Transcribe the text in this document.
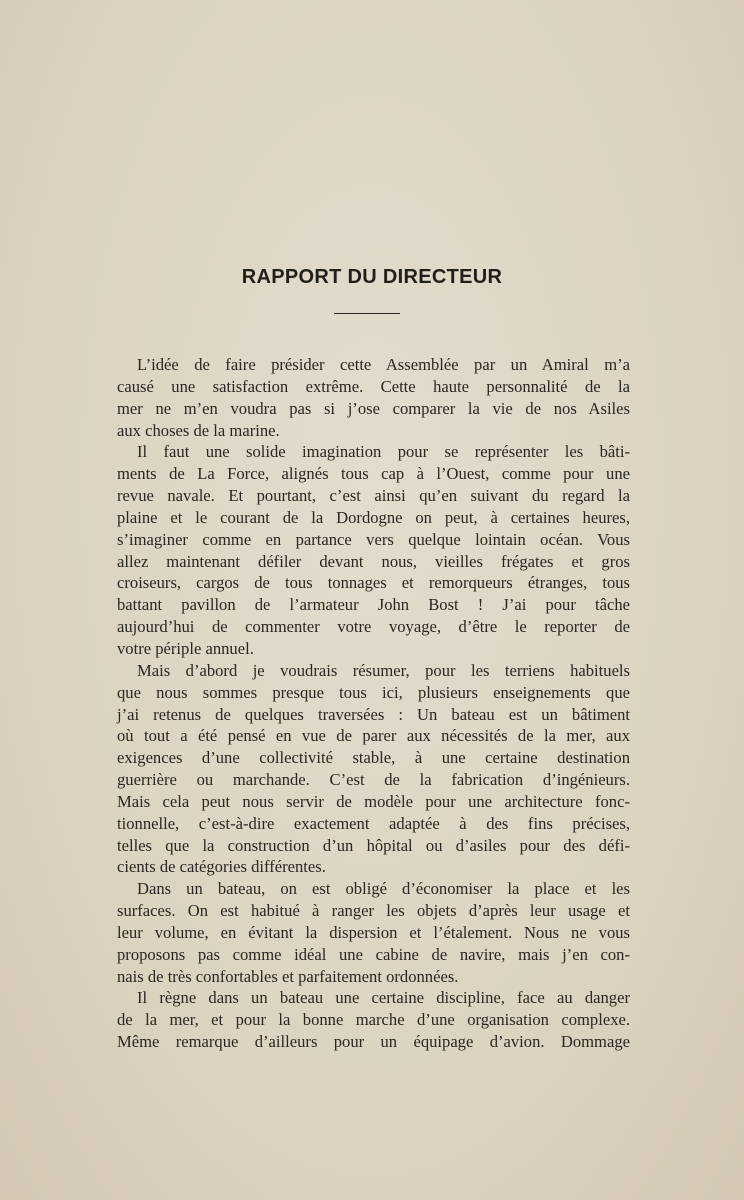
RAPPORT DU DIRECTEUR
L’idée de faire présider cette Assemblée par un Amiral m’a
causé une satisfaction extrême. Cette haute personnalité de la
mer ne m’en voudra pas si j’ose comparer la vie de nos Asiles
aux choses de la marine.
Il faut une solide imagination pour se représenter les bâti-
ments de La Force, alignés tous cap à l’Ouest, comme pour une
revue navale. Et pourtant, c’est ainsi qu’en suivant du regard la
plaine et le courant de la Dordogne on peut, à certaines heures,
s’imaginer comme en partance vers quelque lointain océan. Vous
allez maintenant défiler devant nous, vieilles frégates et gros
croiseurs, cargos de tous tonnages et remorqueurs étranges, tous
battant pavillon de l’armateur John Bost ! J’ai pour tâche
aujourd’hui de commenter votre voyage, d’être le reporter de
votre périple annuel.
Mais d’abord je voudrais résumer, pour les terriens habituels
que nous sommes presque tous ici, plusieurs enseignements que
j’ai retenus de quelques traversées : Un bateau est un bâtiment
où tout a été pensé en vue de parer aux nécessités de la mer, aux
exigences d’une collectivité stable, à une certaine destination
guerrière ou marchande. C’est de la fabrication d’ingénieurs.
Mais cela peut nous servir de modèle pour une architecture fonc-
tionnelle, c’est-à-dire exactement adaptée à des fins précises,
telles que la construction d’un hôpital ou d’asiles pour des défi-
cients de catégories différentes.
Dans un bateau, on est obligé d’économiser la place et les
surfaces. On est habitué à ranger les objets d’après leur usage et
leur volume, en évitant la dispersion et l’étalement. Nous ne vous
proposons pas comme idéal une cabine de navire, mais j’en con-
nais de très confortables et parfaitement ordonnées.
Il règne dans un bateau une certaine discipline, face au danger
de la mer, et pour la bonne marche d’une organisation complexe.
Même remarque d’ailleurs pour un équipage d’avion. Dommage
